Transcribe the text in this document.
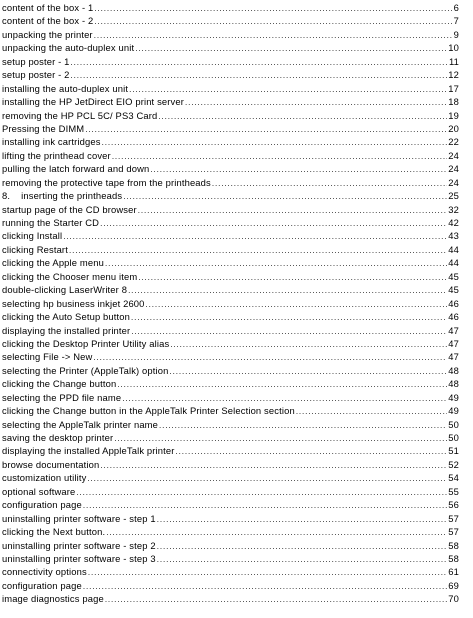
content of the box - 1 .....	6
content of the box - 2 .....	7
unpacking the printer .....	9
unpacking the auto-duplex unit .....	10
setup poster - 1 .....	11
setup poster - 2 .....	12
installing the auto-duplex unit .....	17
installing the HP JetDirect EIO print server .....	18
removing the HP PCL 5C/ PS3 Card .....	19
Pressing the DIMM .....	20
installing ink cartridges .....	22
lifting the printhead cover .....	24
pulling the latch forward and down .....	24
removing the protective tape from the printheads .....	24
8.    inserting the printheads .....	25
startup page of the CD browser .....	32
running the Starter CD .....	42
clicking Install .....	43
clicking Restart .....	44
clicking the Apple menu .....	44
clicking the Chooser menu item .....	45
double-clicking LaserWriter 8 .....	45
selecting hp business inkjet 2600 .....	46
clicking the Auto Setup button .....	46
displaying the installed printer .....	47
clicking the Desktop Printer Utility alias .....	47
selecting File -> New .....	47
selecting the Printer (AppleTalk) option .....	48
clicking the Change button .....	48
selecting the PPD file name .....	49
clicking the Change button in the AppleTalk Printer Selection section .....	49
selecting the AppleTalk printer name .....	50
saving the desktop printer .....	50
displaying the installed AppleTalk printer .....	51
browse documentation .....	52
customization utility .....	54
optional software .....	55
configuration page .....	56
uninstalling printer software - step 1 .....	57
clicking the Next button. .....	57
uninstalling printer software - step 2 .....	58
uninstalling printer software - step 3 .....	58
connectivity options .....	61
configuration page .....	69
image diagnostics page .....	70
